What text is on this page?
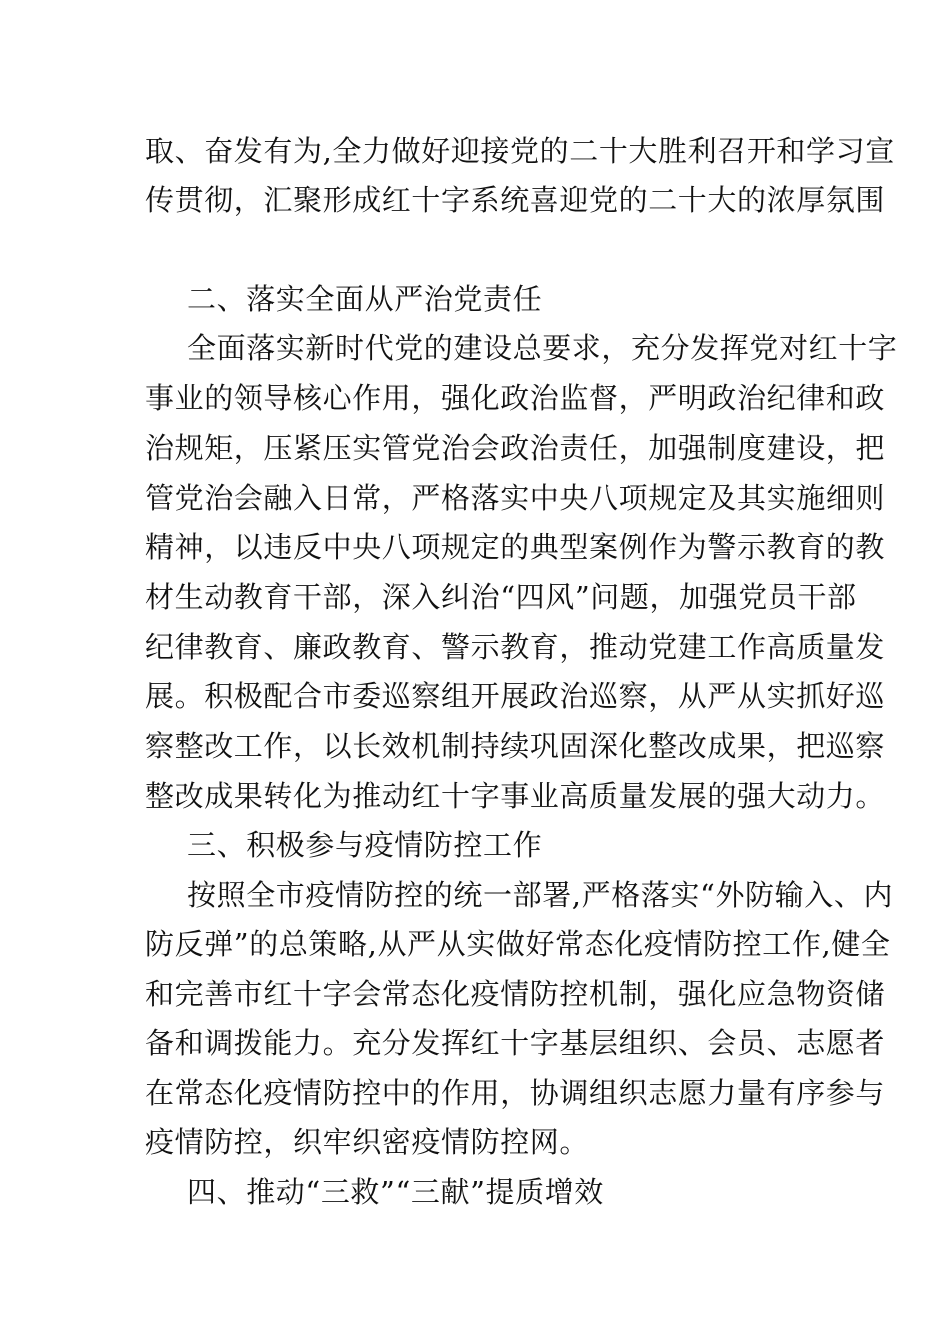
取、奋发有为,全力做好迎接党的二十大胜利召开和学习宣
传贯彻，汇聚形成红十字系统喜迎党的二十大的浓厚氛围
二、落实全面从严治党责任
全面落实新时代党的建设总要求，充分发挥党对红十字
事业的领导核心作用，强化政治监督，严明政治纪律和政
治规矩，压紧压实管党治会政治责任，加强制度建设，把
管党治会融入日常，严格落实中央八项规定及其实施细则
精神，以违反中央八项规定的典型案例作为警示教育的教
材生动教育干部，深入纠治“四风”问题，加强党员干部
纪律教育、廉政教育、警示教育，推动党建工作高质量发
展。积极配合市委巡察组开展政治巡察，从严从实抓好巡
察整改工作，以长效机制持续巩固深化整改成果，把巡察
整改成果转化为推动红十字事业高质量发展的强大动力。
三、积极参与疫情防控工作
按照全市疫情防控的统一部署,严格落实“外防输入、内
防反弹”的总策略,从严从实做好常态化疫情防控工作,健全
和完善市红十字会常态化疫情防控机制，强化应急物资储
备和调拨能力。充分发挥红十字基层组织、会员、志愿者
在常态化疫情防控中的作用，协调组织志愿力量有序参与
疫情防控，织牢织密疫情防控网。
四、推动“三救”“三献”提质增效
